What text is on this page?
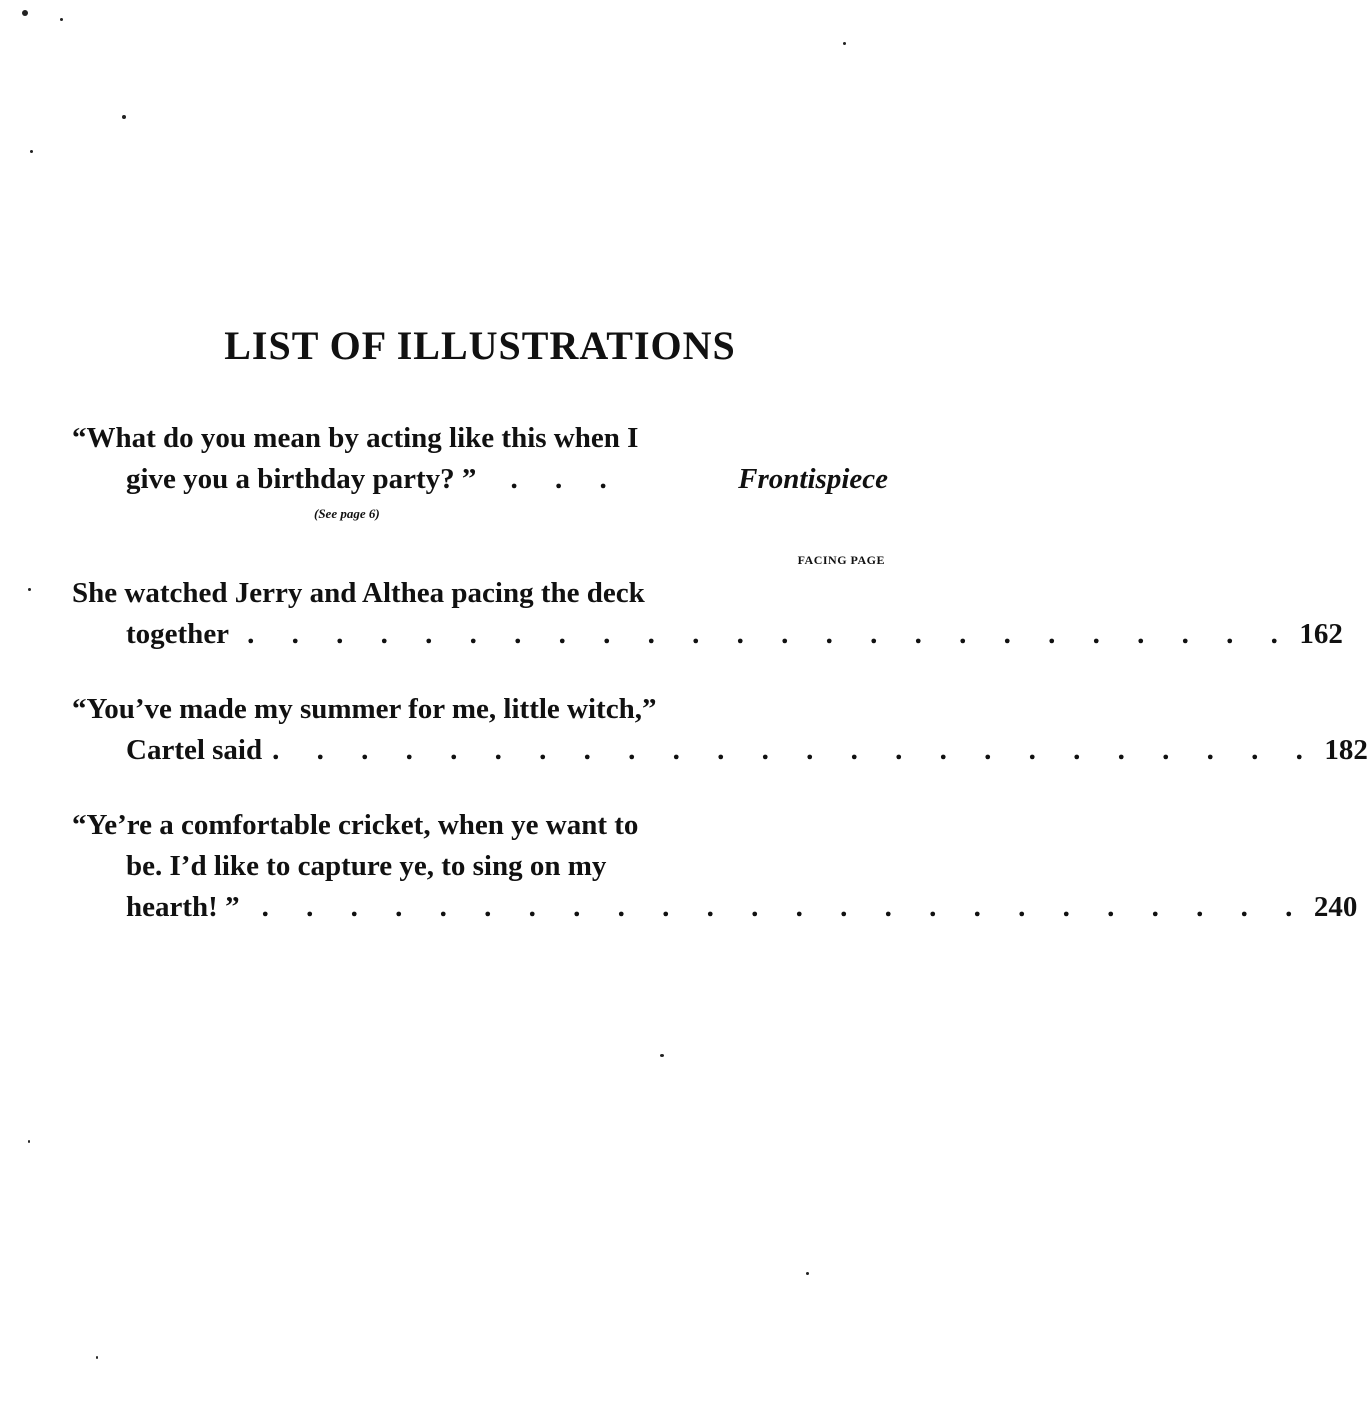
LIST OF ILLUSTRATIONS
“What do you mean by acting like this when I
give you a birthday party? ”	. . .	Frontispiece
(See page 6)
FACING PAGE
She watched Jerry and Althea pacing the deck
together . . . . . . . . . . . . . . . . . . . . . . . . 162
“You’ve made my summer for me, little witch,”
Cartel said . . . . . . . . . . . . . . . . . . . . . . . . 182
“Ye’re a comfortable cricket, when ye want to
be. I’d like to capture ye, to sing on my
hearth! ” . . . . . . . . . . . . . . . . . . . . . . . . 240
